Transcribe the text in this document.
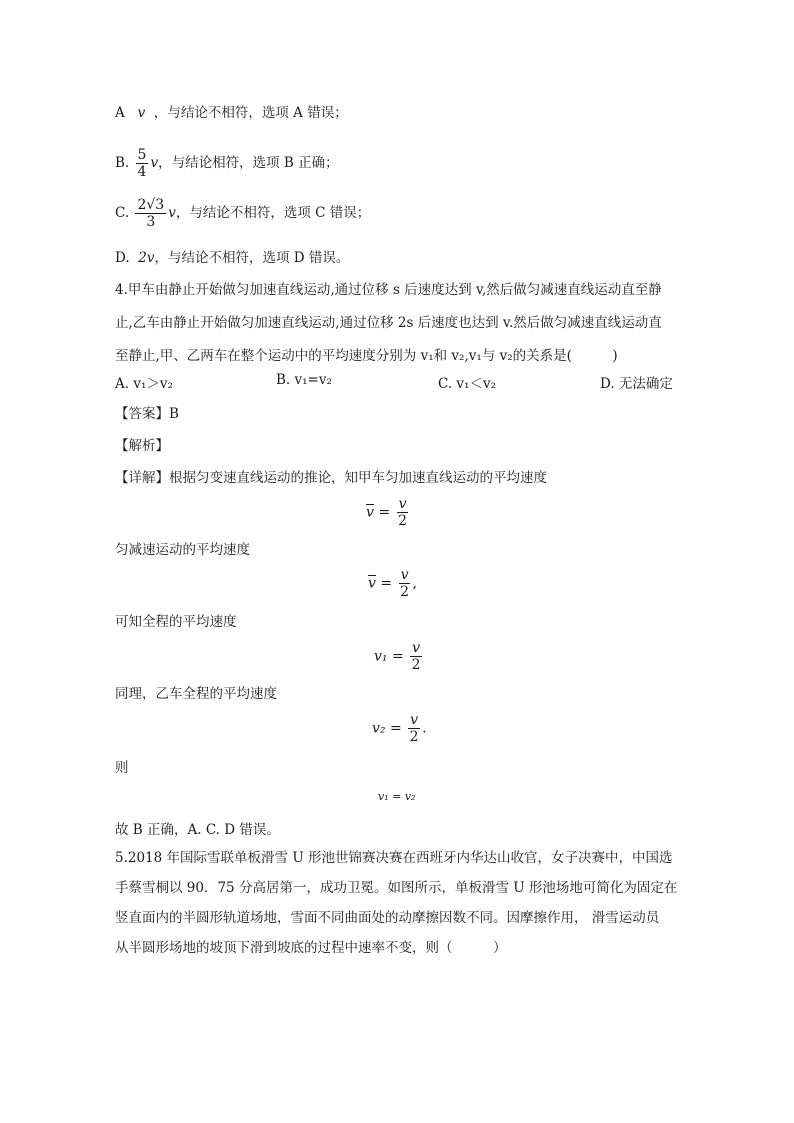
A v ，与结论不相符，选项 A 错误；
B. $\frac{5}{4}$ v，与结论相符，选项 B 正确；
C. $\frac{2√3}{3}$ v，与结论不相符，选项 C 错误；
D. 2v，与结论不相符，选项 D 错误。
4.甲车由静止开始做匀加速直线运动,通过位移 s 后速度达到 v,然后做匀减速直线运动直至静
止,乙车由静止开始做匀加速直线运动,通过位移 2s 后速度也达到 v.然后做匀减速直线运动直
至静止,甲、乙两车在整个运动中的平均速度分别为 v₁和 v₂,v₁与 v₂的关系是(　　　)
A. v₁＞v₂	B. v₁=v₂	C. v₁＜v₂	D. 无法确定
【答案】B
【解析】
【详解】根据匀变速直线运动的推论，知甲车匀加速直线运动的平均速度
$\overline{v} = \frac{v}{2}$
匀减速运动的平均速度
$\overline{v} = \frac{v}{2}$ ,
可知全程的平均速度
$v_1 = \frac{v}{2}$
同理，乙车全程的平均速度
$v_2 = \frac{v}{2}$ .
则
v₁ = v₂
故 B 正确，A. C. D 错误。
5.2018 年国际雪联单板滑雪 U 形池世锦赛决赛在西班牙内华达山收官，女子决赛中，中国选
手蔡雪桐以 90．75 分高居第一，成功卫冕。如图所示，单板滑雪 U 形池场地可简化为固定在
竖直面内的半圆形轨道场地，雪面不同曲面处的动摩擦因数不同。因摩擦作用， 滑雪运动员
从半圆形场地的坡顶下滑到坡底的过程中速率不变，则（　　　）
